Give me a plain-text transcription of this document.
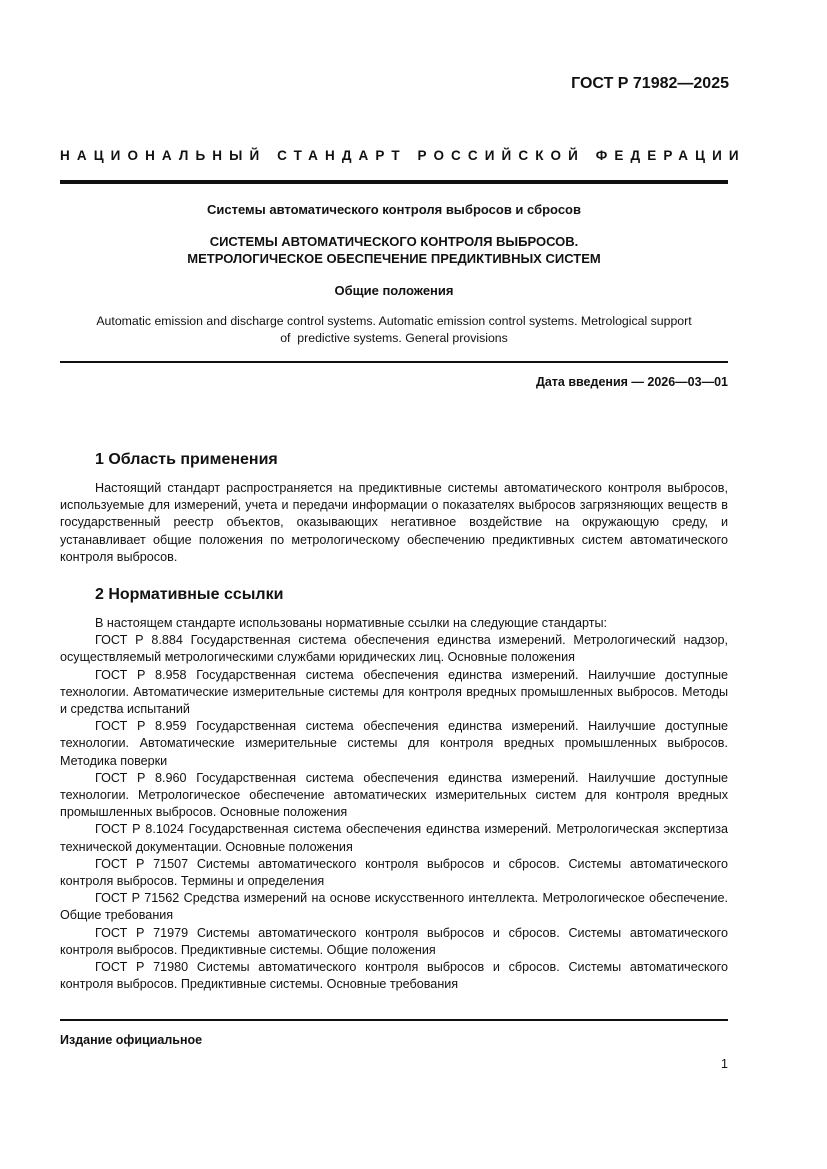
ГОСТ Р 71982—2025
НАЦИОНАЛЬНЫЙ СТАНДАРТ РОССИЙСКОЙ ФЕДЕРАЦИИ
Системы автоматического контроля выбросов и сбросов
СИСТЕМЫ АВТОМАТИЧЕСКОГО КОНТРОЛЯ ВЫБРОСОВ.
МЕТРОЛОГИЧЕСКОЕ ОБЕСПЕЧЕНИЕ ПРЕДИКТИВНЫХ СИСТЕМ
Общие положения
Automatic emission and discharge control systems. Automatic emission control systems. Metrological support
of  predictive systems. General provisions
Дата введения — 2026—03—01
1 Область применения

Настоящий стандарт распространяется на предиктивные системы автоматического контроля выбросов, используемые для измерений, учета и передачи информации о показателях выбросов загрязняющих веществ в государственный реестр объектов, оказывающих негативное воздействие на окружающую среду, и устанавливает общие положения по метрологическому обеспечению предиктивных систем автоматического контроля выбросов.

2 Нормативные ссылки

В настоящем стандарте использованы нормативные ссылки на следующие стандарты:

ГОСТ Р 8.884 Государственная система обеспечения единства измерений. Метрологический надзор, осуществляемый метрологическими службами юридических лиц. Основные положения

ГОСТ Р 8.958 Государственная система обеспечения единства измерений. Наилучшие доступные технологии. Автоматические измерительные системы для контроля вредных промышленных выбросов. Методы и средства испытаний

ГОСТ Р 8.959 Государственная система обеспечения единства измерений. Наилучшие доступные технологии. Автоматические измерительные системы для контроля вредных промышленных выбросов. Методика поверки

ГОСТ Р 8.960 Государственная система обеспечения единства измерений. Наилучшие доступные технологии. Метрологическое обеспечение автоматических измерительных систем для контроля вредных промышленных выбросов. Основные положения

ГОСТ Р 8.1024 Государственная система обеспечения единства измерений. Метрологическая экспертиза технической документации. Основные положения

ГОСТ Р 71507 Системы автоматического контроля выбросов и сбросов. Системы автоматического контроля выбросов. Термины и определения

ГОСТ Р 71562 Средства измерений на основе искусственного интеллекта. Метрологическое обеспечение. Общие требования

ГОСТ Р 71979 Системы автоматического контроля выбросов и сбросов. Системы автоматического контроля выбросов. Предиктивные системы. Общие положения

ГОСТ Р 71980 Системы автоматического контроля выбросов и сбросов. Системы автоматического контроля выбросов. Предиктивные системы. Основные требования

Издание официальное
1
